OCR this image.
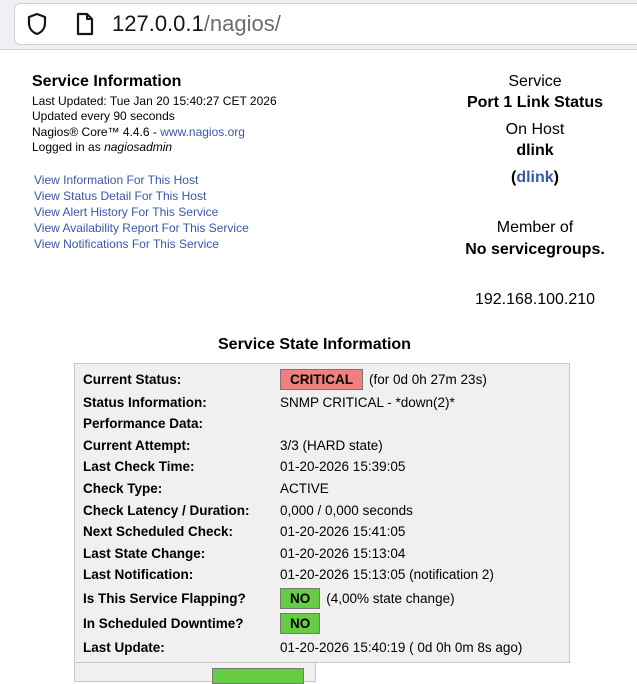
127.0.0.1/nagios/
Service Information
Last Updated: Tue Jan 20 15:40:27 CET 2026
Updated every 90 seconds
Nagios® Core™ 4.4.6 - www.nagios.org
Logged in as nagiosadmin
View Information For This Host
View Status Detail For This Host
View Alert History For This Service
View Availability Report For This Service
View Notifications For This Service
Service
Port 1 Link Status
On Host
dlink
(dlink)
Member of
No servicegroups.
192.168.100.210
Service State Information
Current Status:	CRITICAL (for 0d 0h 27m 23s)
Status Information:	SNMP CRITICAL - *down(2)*
Performance Data:
Current Attempt:	3/3 (HARD state)
Last Check Time:	01-20-2026 15:39:05
Check Type:	ACTIVE
Check Latency / Duration: 0,000 / 0,000 seconds
Next Scheduled Check:	01-20-2026 15:41:05
Last State Change:	01-20-2026 15:13:04
Last Notification:	01-20-2026 15:13:05 (notification 2)
Is This Service Flapping?	NO (4,00% state change)
In Scheduled Downtime?	NO
Last Update:	01-20-2026 15:40:19 ( 0d 0h 0m 8s ago)
